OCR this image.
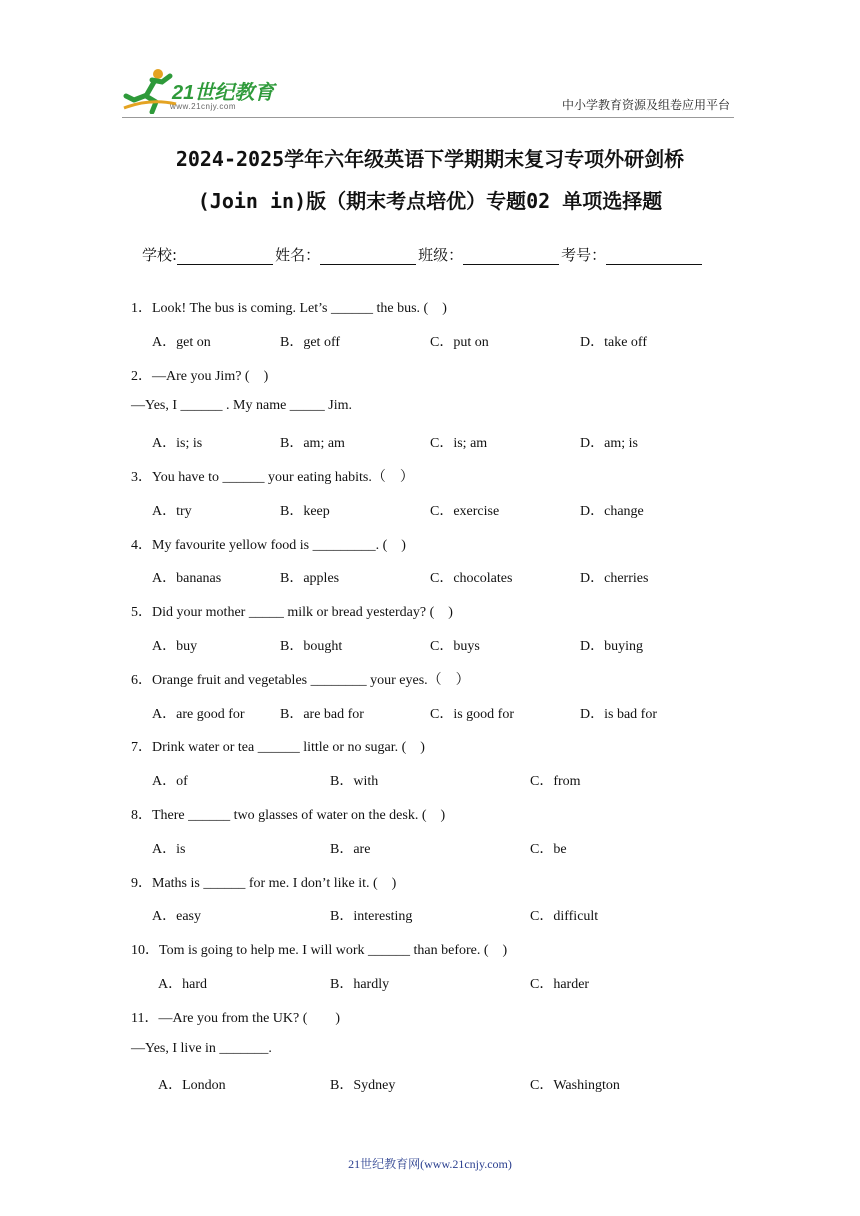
21世纪教育
www.21cnjy.com	中小学教育资源及组卷应用平台
2024-2025学年六年级英语下学期期末复习专项外研剑桥
(Join in)版（期末考点培优）专题02 单项选择题
学校:	姓名：	班级：	考号：
1．Look! The bus is coming. Let’s ______ the bus. (　)
A．get on	B．get off	C．put on	D．take off
2．—Are you Jim? (　)
—Yes, I ______ . My name _____ Jim.
A．is; is	B．am; am	C．is; am	D．am; is
3．You have to ______ your eating habits.（　）
A．try	B．keep	C．exercise	D．change
4．My favourite yellow food is _________. (　)
A．bananas	B．apples	C．chocolates	D．cherries
5．Did your mother _____ milk or bread yesterday? (　)
A．buy	B．bought	C．buys	D．buying
6．Orange fruit and vegetables ________ your eyes.（　）
A．are good for	B．are bad for	C．is good for	D．is bad for
7．Drink water or tea ______ little or no sugar. (　)
A．of	B．with	C．from
8．There ______ two glasses of water on the desk. (　)
A．is	B．are	C．be
9．Maths is ______ for me. I don’t like it. (　)
A．easy	B．interesting	C．difficult
10．Tom is going to help me. I will work ______ than before. (　)
A．hard	B．hardly	C．harder
11．—Are you from the UK? (　　)
—Yes, I live in _______.
A．London	B．Sydney	C．Washington
21世纪教育网(www.21cnjy.com)
